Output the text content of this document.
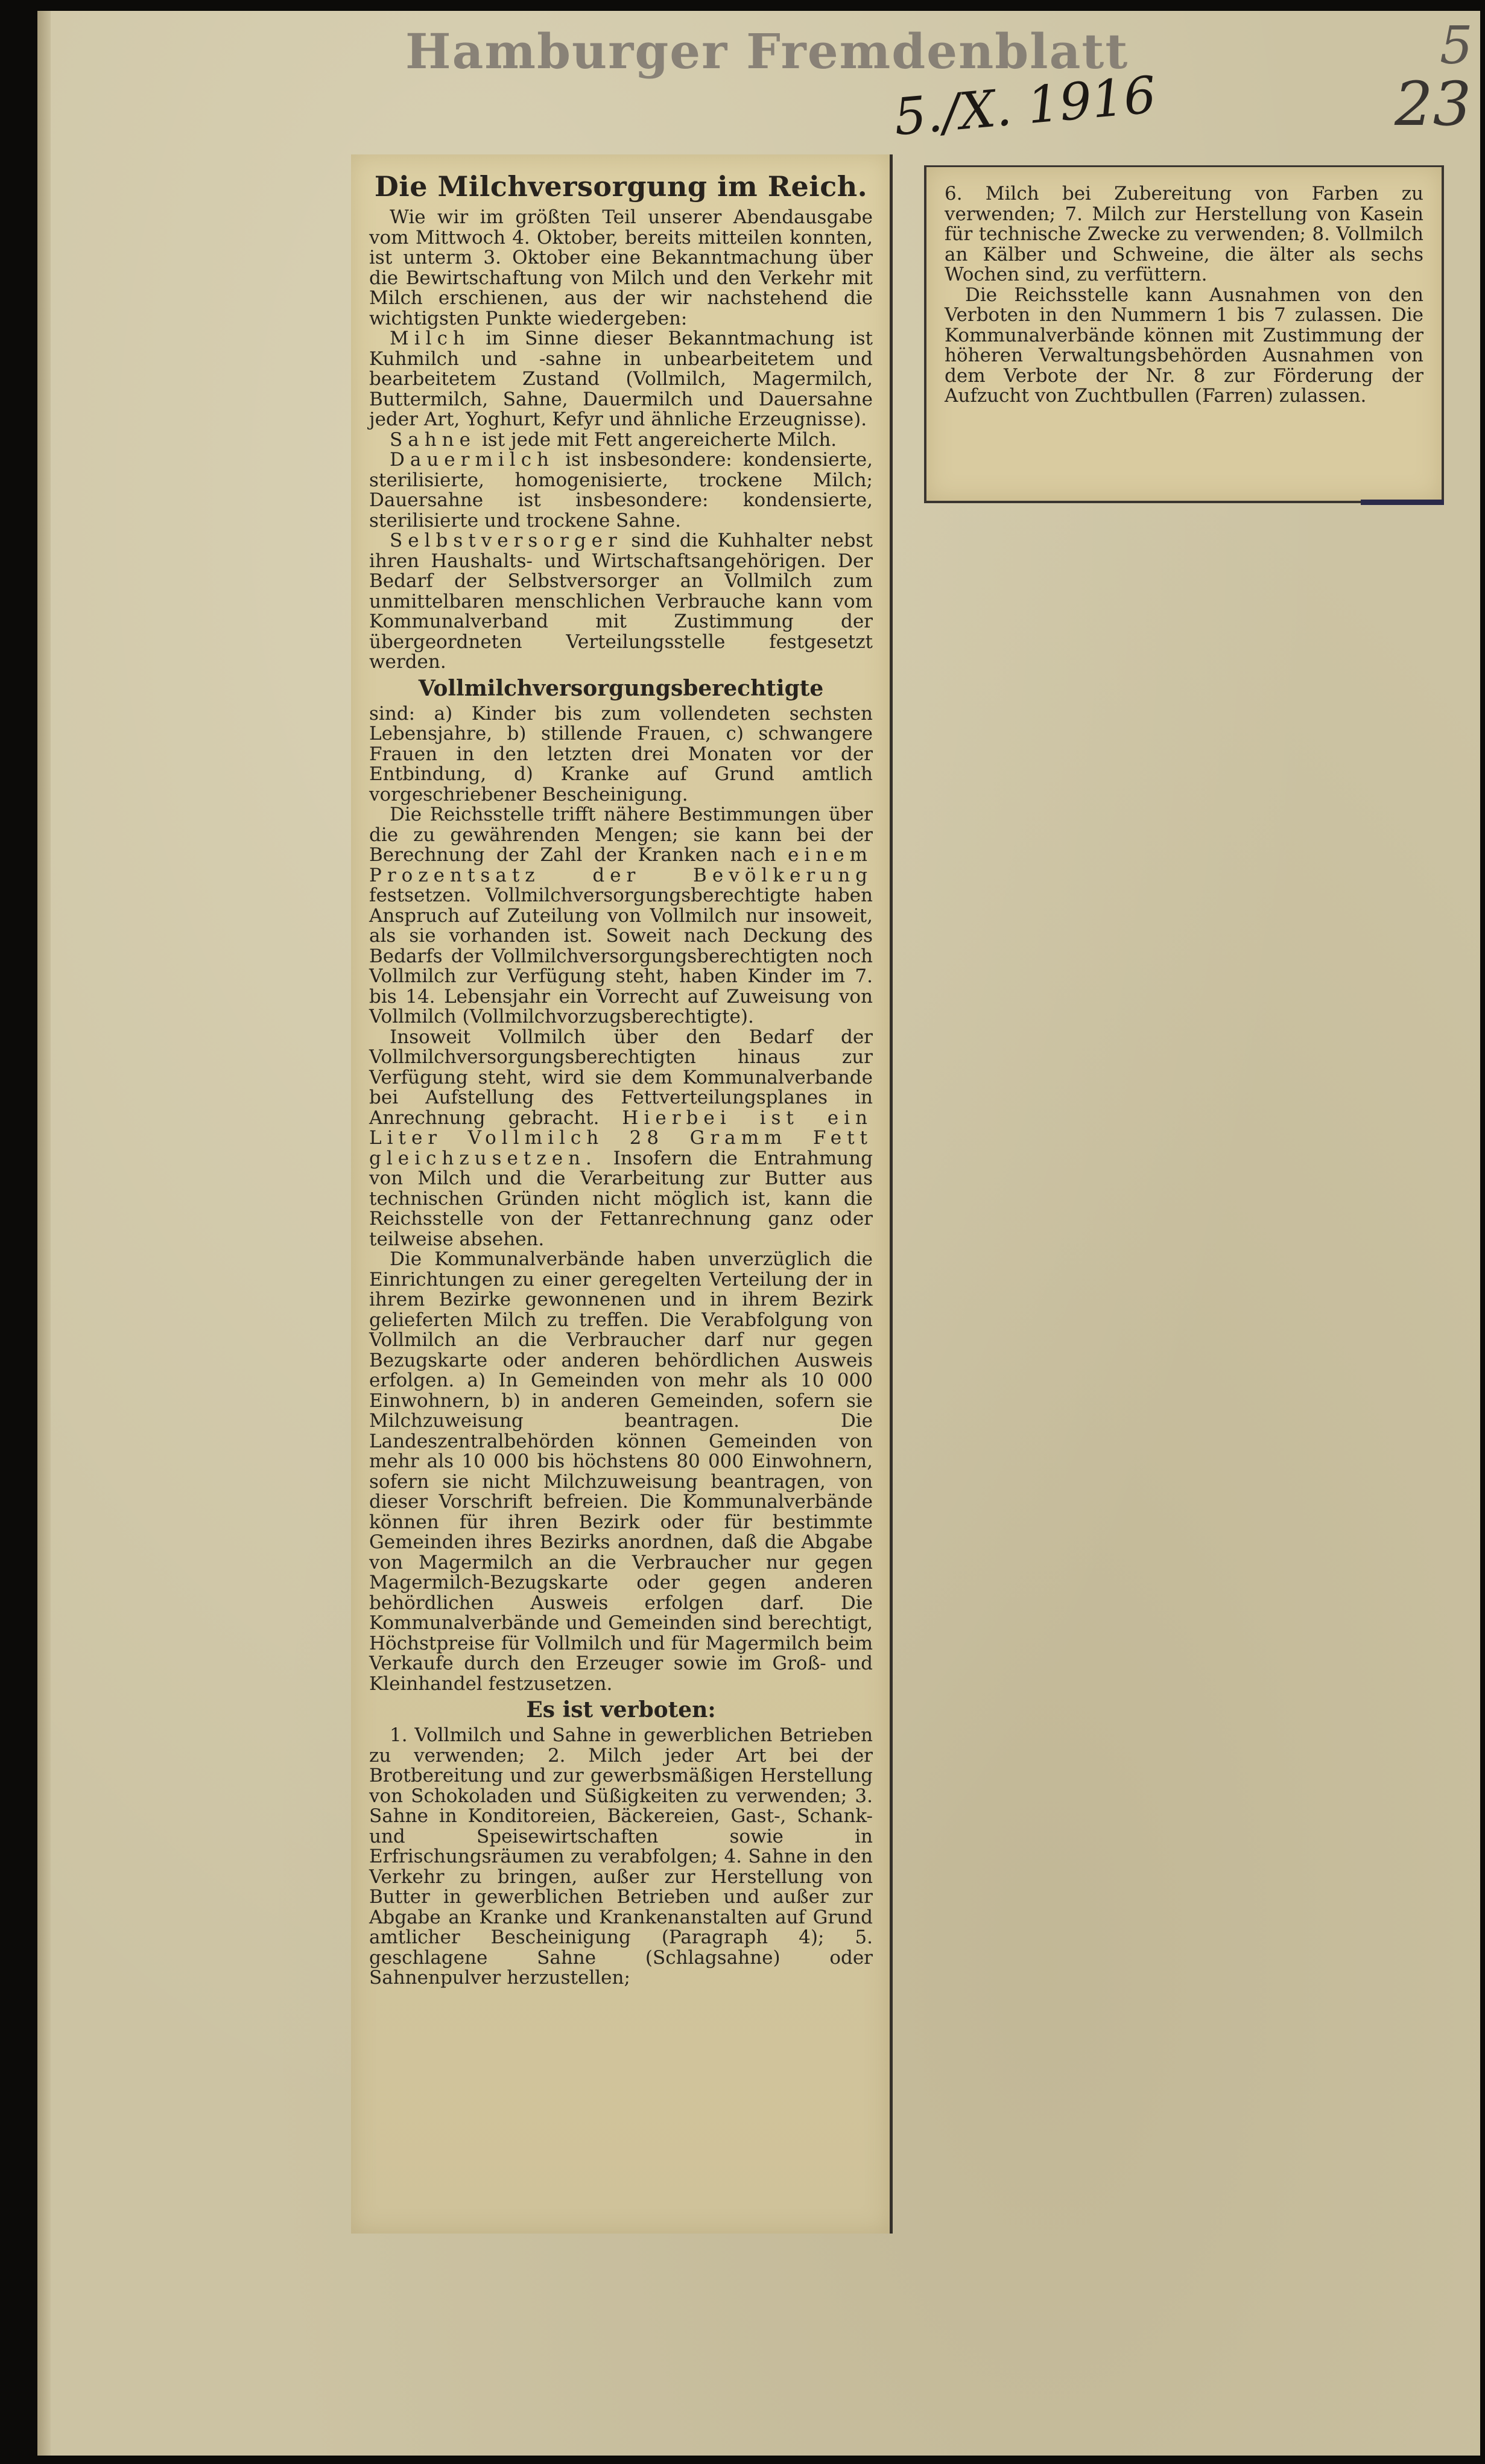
Hamburger Fremdenblatt
5./X. 1916
5
23
Die Milchversorgung im Reich.

Wie wir im größten Teil unserer Abendausgabe vom Mittwoch 4. Oktober, bereits mitteilen konnten, ist unterm 3. Oktober eine Bekanntmachung über die Bewirtschaftung von Milch und den Verkehr mit Milch erschienen, aus der wir nachstehend die wichtigsten Punkte wiedergeben:

Milch im Sinne dieser Bekanntmachung ist Kuhmilch und -sahne in unbearbeitetem und bearbeitetem Zustand (Vollmilch, Magermilch, Buttermilch, Sahne, Dauermilch und Dauersahne jeder Art, Yoghurt, Kefyr und ähnliche Erzeugnisse).

Sahne ist jede mit Fett angereicherte Milch.

Dauermilch ist insbesondere: kondensierte, sterilisierte, homogenisierte, trockene Milch; Dauersahne ist insbesondere: kondensierte, sterilisierte und trockene Sahne.

Selbstversorger sind die Kuhhalter nebst ihren Haushalts- und Wirtschaftsangehörigen. Der Bedarf der Selbstversorger an Vollmilch zum unmittelbaren menschlichen Verbrauche kann vom Kommunalverband mit Zustimmung der übergeordneten Verteilungsstelle festgesetzt werden.

Vollmilchversorgungsberechtigte

sind: a) Kinder bis zum vollendeten sechsten Lebensjahre, b) stillende Frauen, c) schwangere Frauen in den letzten drei Monaten vor der Entbindung, d) Kranke auf Grund amtlich vorgeschriebener Bescheinigung.

Die Reichsstelle trifft nähere Bestimmungen über die zu gewährenden Mengen; sie kann bei der Berechnung der Zahl der Kranken nach einem Prozentsatz der Bevölkerung festsetzen. Vollmilchversorgungsberechtigte haben Anspruch auf Zuteilung von Vollmilch nur insoweit, als sie vorhanden ist. Soweit nach Deckung des Bedarfs der Vollmilchversorgungsberechtigten noch Vollmilch zur Verfügung steht, haben Kinder im 7. bis 14. Lebensjahr ein Vorrecht auf Zuweisung von Vollmilch (Vollmilchvorzugsberechtigte).

Insoweit Vollmilch über den Bedarf der Vollmilchversorgungsberechtigten hinaus zur Verfügung steht, wird sie dem Kommunalverbande bei Aufstellung des Fettverteilungsplanes in Anrechnung gebracht. Hierbei ist ein Liter Vollmilch 28 Gramm Fett gleichzusetzen. Insofern die Entrahmung von Milch und die Verarbeitung zur Butter aus technischen Gründen nicht möglich ist, kann die Reichsstelle von der Fettanrechnung ganz oder teilweise absehen.

Die Kommunalverbände haben unverzüglich die Einrichtungen zu einer geregelten Verteilung der in ihrem Bezirke gewonnenen und in ihrem Bezirk gelieferten Milch zu treffen. Die Verabfolgung von Vollmilch an die Verbraucher darf nur gegen Bezugskarte oder anderen behördlichen Ausweis erfolgen. a) In Gemeinden von mehr als 10 000 Einwohnern, b) in anderen Gemeinden, sofern sie Milchzuweisung beantragen. Die Landeszentralbehörden können Gemeinden von mehr als 10 000 bis höchstens 80 000 Einwohnern, sofern sie nicht Milchzuweisung beantragen, von dieser Vorschrift befreien. Die Kommunalverbände können für ihren Bezirk oder für bestimmte Gemeinden ihres Bezirks anordnen, daß die Abgabe von Magermilch an die Verbraucher nur gegen Magermilch-Bezugskarte oder gegen anderen behördlichen Ausweis erfolgen darf. Die Kommunalverbände und Gemeinden sind berechtigt, Höchstpreise für Vollmilch und für Magermilch beim Verkaufe durch den Erzeuger sowie im Groß- und Kleinhandel festzusetzen.

Es ist verboten:

1. Vollmilch und Sahne in gewerblichen Betrieben zu verwenden; 2. Milch jeder Art bei der Brotbereitung und zur gewerbsmäßigen Herstellung von Schokoladen und Süßigkeiten zu verwenden; 3. Sahne in Konditoreien, Bäckereien, Gast-, Schank- und Speisewirtschaften sowie in Erfrischungsräumen zu verabfolgen; 4. Sahne in den Verkehr zu bringen, außer zur Herstellung von Butter in gewerblichen Betrieben und außer zur Abgabe an Kranke und Krankenanstalten auf Grund amtlicher Bescheinigung (Paragraph 4); 5. geschlagene Sahne (Schlagsahne) oder Sahnenpulver herzustellen;

6. Milch bei Zubereitung von Farben zu verwenden; 7. Milch zur Herstellung von Kasein für technische Zwecke zu verwenden; 8. Vollmilch an Kälber und Schweine, die älter als sechs Wochen sind, zu verfüttern.

Die Reichsstelle kann Ausnahmen von den Verboten in den Nummern 1 bis 7 zulassen. Die Kommunalverbände können mit Zustimmung der höheren Verwaltungsbehörden Ausnahmen von dem Verbote der Nr. 8 zur Förderung der Aufzucht von Zuchtbullen (Farren) zulassen.
